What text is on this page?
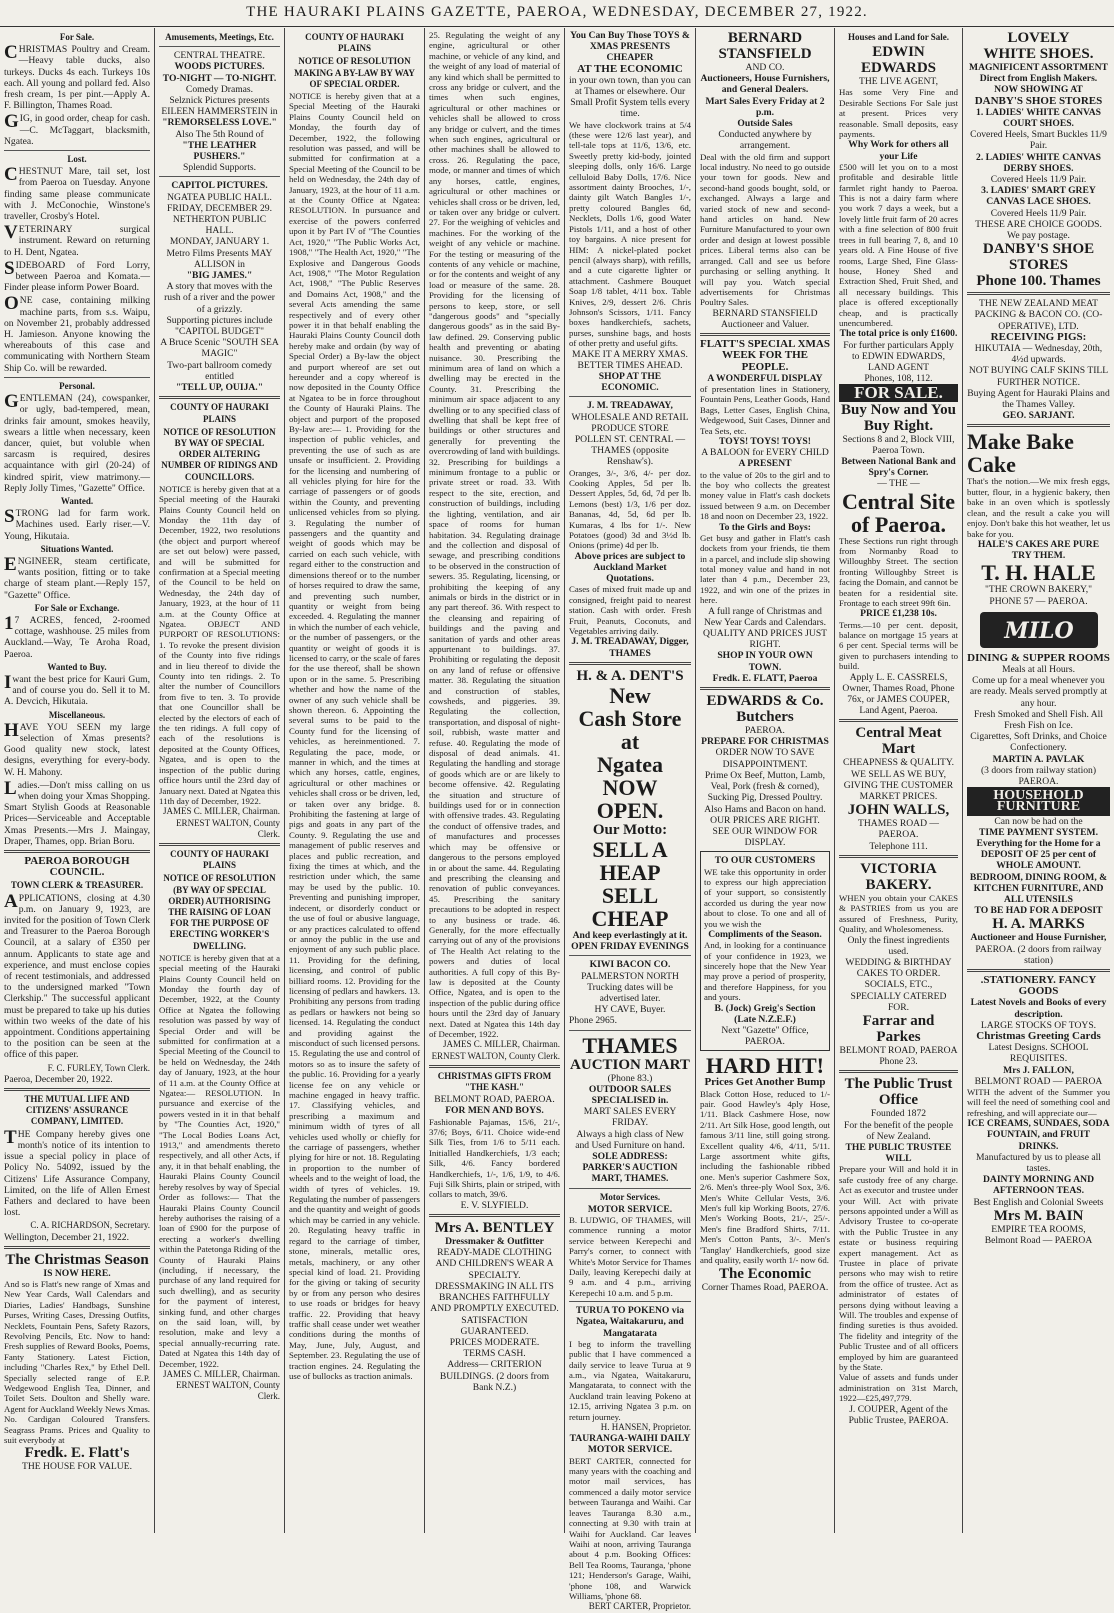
THE HAURAKI PLAINS GAZETTE, PAEROA, WEDNESDAY, DECEMBER 27, 1922.
For Sale.
CHRISTMAS Poultry and Cream.—Heavy table ducks, also turkeys. Ducks 4s each. Turkeys 10s each. All young and pollard fed. Also fresh cream, 1s per pint.—Apply A. F. Billington, Thames Road.
GIG, in good order, cheap for cash.—C. McTaggart, blacksmith, Ngatea.
Lost.
CHESTNUT Mare, tail set, lost from Paeroa on Tuesday. Anyone finding same please communicate with J. McConochie, Winstone's traveller, Crosby's Hotel.
VETERINARY surgical instrument. Reward on returning to H. Dent, Ngatea.
SIDEBOARD of Ford Lorry, between Paeroa and Komata.—Finder please inform Power Board.
ONE case, containing milking machine parts, from s.s. Waipu, on November 21, probably addressed H. Jamieson. Anyone knowing the whereabouts of this case and communicating with Northern Steam Ship Co. will be rewarded.
Personal.
GENTLEMAN (24), cowspanker, or ugly, bad-tempered, mean, drinks fair amount, smokes heavily, swears a little when necessary, keen dancer, quiet, but voluble when sarcasm is required, desires acquaintance with girl (20-24) of kindred spirit, view matrimony.—Reply Jolly Times, "Gazette" Office.
Wanted.
STRONG lad for farm work. Machines used. Early riser.—V. Young, Hikutaia.
Situations Wanted.
ENGINEER, steam certificate, wants position, fitting or to take charge of steam plant.—Reply 157, "Gazette" Office.
For Sale or Exchange.
17 ACRES, fenced, 2-roomed cottage, washhouse. 25 miles from Auckland.—Way, Te Aroha Road, Paeroa.
Wanted to Buy.
Iwant the best price for Kauri Gum, and of course you do. Sell it to M. A. Devcich, Hikutaia.
Miscellaneous.
HAVE YOU SEEN my large selection of Xmas presents? Good quality new stock, latest designs, everything for every-body. W. H. Mahony.
Ladies.—Don't miss calling on us when doing your Xmas Shopping. Smart Stylish Goods at Reasonable Prices—Serviceable and Acceptable Xmas Presents.—Mrs J. Maingay, Draper, Thames, opp. Brian Boru.
PAEROA BOROUGH COUNCIL.
TOWN CLERK & TREASURER.
APPLICATIONS, closing at 4.30 p.m. on January 9, 1923, are invited for the position of Town Clerk and Treasurer to the Paeroa Borough Council, at a salary of £350 per annum. Applicants to state age and experience, and must enclose copies of recent testimonials, and addressed to the undersigned marked "Town Clerkship." The successful applicant must be prepared to take up his duties within two weeks of the date of his appointment. Conditions appertaining to the position can be seen at the office of this paper.
F. C. FURLEY, Town Clerk.
Paeroa, December 20, 1922.
THE MUTUAL LIFE AND CITIZENS' ASSURANCE COMPANY, LIMITED.
THE Company hereby gives one month's notice of its intention to issue a special policy in place of Policy No. 54092, issued by the Citizens' Life Assurance Company, Limited, on the life of Allen Ernest Fathers and declared to have been lost.
C. A. RICHARDSON, Secretary.
Wellington, December 21, 1922.
The Christmas Season
IS NOW HERE.
And so is Flatt's new range of Xmas and New Year Cards, Wall Calendars and Diaries, Ladies' Handbags, Sunshine Purses, Writing Cases, Dressing Outfits, Necklets, Fountain Pens, Safety Razors, Revolving Pencils, Etc. Now to hand: Fresh supplies of Reward Books, Poems, Fanty Stationery. Latest Fiction, including "Charles Rex," by Ethel Dell. Specially selected range of E.P. Wedgewood English Tea, Dinner, and Toilet Sets. Doulton and Shelly ware. Agent for Auckland Weekly News Xmas. No. Cardigan Coloured Transfers. Seagrass Prams. Prices and Quality to suit everybody at
Fredk. E. Flatt's
THE HOUSE FOR VALUE.
Amusements, Meetings, Etc.
CENTRAL THEATRE.
WOODS PICTURES.
TO-NIGHT — TO-NIGHT.
Comedy Dramas.
Selznick Pictures presents EILEEN HAMMERSTEIN in
"REMORSELESS LOVE."
Also The 5th Round of
"THE LEATHER PUSHERS."
Splendid Supports.
CAPITOL PICTURES.
NGATEA PUBLIC HALL.
FRIDAY, DECEMBER 29.
NETHERTON PUBLIC HALL.
MONDAY, JANUARY 1.
Metro Films Presents MAY ALLISON in
"BIG JAMES."
A story that moves with the rush of a river and the power of a grizzly.
Supporting pictures include "CAPITOL BUDGET"
A Bruce Scenic "SOUTH SEA MAGIC"
Two-part ballroom comedy entitled
"TELL UP, OUIJA."
COUNTY OF HAURAKI PLAINS
NOTICE OF RESOLUTION BY WAY OF SPECIAL ORDER ALTERING NUMBER OF RIDINGS AND COUNCILLORS.
NOTICE is hereby given that at a Special meeting of the Hauraki Plains County Council held on Monday the 11th day of December, 1922, two resolutions (the object and purport whereof are set out below) were passed, and will be submitted for confirmation at a Special meeting of the Council to be held on Wednesday, the 24th day of January, 1923, at the hour of 11 a.m. at the County Office at Ngatea. OBJECT AND PURPORT OF RESOLUTIONS: 1. To revoke the present division of the County into five ridings and in lieu thereof to divide the County into ten ridings. 2. To alter the number of Councillors from five to ten. 3. To provide that one Councillor shall be elected by the electors of each of the ten ridings. A full copy of each of the resolutions is deposited at the County Offices, Ngatea, and is open to the inspection of the public during office hours until the 23rd day of January next. Dated at Ngatea this 11th day of December, 1922.
JAMES C. MILLER, Chairman. ERNEST WALTON, County Clerk.
COUNTY OF HAURAKI PLAINS
NOTICE OF RESOLUTION (BY WAY OF SPECIAL ORDER) AUTHORISING THE RAISING OF LOAN FOR THE PURPOSE OF ERECTING WORKER'S DWELLING.
NOTICE is hereby given that at a special meeting of the Hauraki Plains County Council held on Monday the fourth day of December, 1922, at the County Office at Ngatea the following resolution was passed by way of Special Order and will be submitted for confirmation at a Special Meeting of the Council to be held on Wednesday, the 24th day of January, 1923, at the hour of 11 a.m. at the County Office at Ngatea:— RESOLUTION. In pursuance and exercise of the powers vested in it in that behalf by "The Counties Act, 1920," "The Local Bodies Loans Act, 1913," and amendments thereto respectively, and all other Acts, if any, it in that behalf enabling, the Hauraki Plains County Council hereby resolves by way of Special Order as follows:— That the Hauraki Plains County Council hereby authorises the raising of a loan of £900 for the purpose of erecting a worker's dwelling within the Patetonga Riding of the County of Hauraki Plains (including, if necessary, the purchase of any land required for such dwelling), and as security for the payment of interest, sinking fund, and other charges on the said loan, will, by resolution, make and levy a special annually-recurring rate. Dated at Ngatea this 14th day of December, 1922.
JAMES C. MILLER, Chairman. ERNEST WALTON, County Clerk.
COUNTY OF HAURAKI PLAINS
NOTICE OF RESOLUTION MAKING A BY-LAW BY WAY OF SPECIAL ORDER.
NOTICE is hereby given that at a Special Meeting of the Hauraki Plains County Council held on Monday, the fourth day of December, 1922, the following resolution was passed, and will be submitted for confirmation at a Special Meeting of the Council to be held on Wednesday, the 24th day of January, 1923, at the hour of 11 a.m. at the County Office at Ngatea: RESOLUTION. In pursuance and exercise of the powers conferred upon it by Part IV of "The Counties Act, 1920," "The Public Works Act, 1908," "The Health Act, 1920," "The Explosive and Dangerous Goods Act, 1908," "The Motor Regulation Act, 1908," "The Public Reserves and Domains Act, 1908," and the several Acts amending the same respectively and of every other power it in that behalf enabling the Hauraki Plains County Council doth hereby make and ordain (by way of Special Order) a By-law the object and purport whereof are set out hereunder and a copy whereof is now deposited in the County Office at Ngatea to be in force throughout the County of Hauraki Plains. The object and purport of the proposed By-law are:— 1. Providing for the inspection of public vehicles, and preventing the use of such as are unsafe or insufficient. 2. Providing for the licensing and numbering of all vehicles plying for hire for the carriage of passengers or of goods within the County, and preventing unlicensed vehicles from so plying. 3. Regulating the number of passengers and the quantity and weight of goods which may be carried on each such vehicle, with regard either to the construction and dimensions thereof or to the number of horses required to draw the same, and preventing such number, quantity or weight from being exceeded. 4. Regulating the manner in which the number of each vehicle, or the number of passengers, or the quantity or weight of goods it is licensed to carry, or the scale of fares for the use thereof, shall be shown upon or in the same. 5. Prescribing whether and how the name of the owner of any such vehicle shall be shown thereon. 6. Appointing the several sums to be paid to the County fund for the licensing of vehicles, as hereinmentioned. 7. Regulating the pace, mode, or manner in which, and the times at which any horses, cattle, engines, agricultural or other machines or vehicles shall cross or be driven, led, or taken over any bridge. 8. Prohibiting the fastening at large of pigs and goats in any part of the County. 9. Regulating the use and management of public reserves and places and public recreation, and fixing the times at which, and the restriction under which, the same may be used by the public. 10. Preventing and punishing improper, indecent, or disorderly conduct or the use of foul or abusive language, or any practices calculated to offend or annoy the public in the use and enjoyment of any such public place. 11. Providing for the defining, licensing, and control of public billiard rooms. 12. Providing for the licensing of pedlars and hawkers. 13. Prohibiting any persons from trading as pedlars or hawkers not being so licensed. 14. Regulating the conduct and providing against the misconduct of such licensed persons. 15. Regulating the use and control of motors so as to insure the safety of the public. 16. Providing for a yearly license fee on any vehicle or machine engaged in heavy traffic. 17. Classifying vehicles, and prescribing a maximum and minimum width of tyres of all vehicles used wholly or chiefly for the carriage of passengers, whether plying for hire or not. 18. Regulating in proportion to the number of wheels and to the weight of load, the width of tyres of vehicles. 19. Regulating the number of passengers and the quantity and weight of goods which may be carried in any vehicle. 20. Regulating heavy traffic in regard to the carriage of timber, stone, minerals, metallic ores, metals, machinery, or any other special kind of load. 21. Providing for the giving or taking of security by or from any person who desires to use roads or bridges for heavy traffic. 22. Providing that heavy traffic shall cease under wet weather conditions during the months of May, June, July, August, and September. 23. Regulating the use of traction engines. 24. Regulating the use of bullocks as traction animals.
25. Regulating the weight of any engine, agricultural or other machine, or vehicle of any kind, and the weight of any load of material of any kind which shall be permitted to cross any bridge or culvert, and the times when such engines, agricultural or other machines or vehicles shall be allowed to cross any bridge or culvert, and the times when such engines, agricultural or other machines shall be allowed to cross. 26. Regulating the pace, mode, or manner and times of which any horses, cattle, engines, agricultural or other machines or vehicles shall cross or be driven, led, or taken over any bridge or culvert. 27. For the weighing of vehicles and machines. For the working of the weight of any vehicle or machine. For the testing or measuring of the contents of any vehicle or machine, or for the contents and weight of any load or measure of the same. 28. Providing for the licensing of persons to keep, store, or sell "dangerous goods" and "specially dangerous goods" as in the said By-law defined. 29. Conserving public health and preventing or abating nuisance. 30. Prescribing the minimum area of land on which a dwelling may be erected in the County. 31. Prescribing the minimum air space adjacent to any dwelling or to any specified class of dwelling that shall be kept free of buildings or other structures and generally for preventing the overcrowding of land with buildings. 32. Prescribing for buildings a minimum frontage to a public or private street or road. 33. With respect to the site, erection, and construction of buildings, including the lighting, ventilation, and air space of rooms for human habitation. 34. Regulating drainage and the collection and disposal of sewage, and prescribing conditions to be observed in the construction of sewers. 35. Regulating, licensing, or prohibiting the keeping of any animals or birds in the district or in any part thereof. 36. With respect to the cleansing and repairing of buildings and the paving and sanitation of yards and other areas appurtenant to buildings. 37. Prohibiting or regulating the deposit on any land of refuse or offensive matter. 38. Regulating the situation and construction of stables, cowsheds, and piggeries. 39. Regulating the collection, transportation, and disposal of night-soil, rubbish, waste matter and refuse. 40. Regulating the mode of disposal of dead animals. 41. Regulating the handling and storage of goods which are or are likely to become offensive. 42. Regulating the situation and structure of buildings used for or in connection with offensive trades. 43. Regulating the conduct of offensive trades, and of manufactures and processes which may be offensive or dangerous to the persons employed in or about the same. 44. Regulating and prescribing the cleansing and renovation of public conveyances. 45. Prescribing the sanitary precautions to be adopted in respect to any business or trade. 46. Generally, for the more effectually carrying out of any of the provisions of The Health Act relating to the powers and duties of local authorities. A full copy of this By-law is deposited at the County Office, Ngatea, and is open to the inspection of the public during office hours until the 23rd day of January next. Dated at Ngatea this 14th day of December, 1922.
JAMES C. MILLER, Chairman. ERNEST WALTON, County Clerk.
CHRISTMAS GIFTS FROM "THE KASH."
BELMONT ROAD, PAEROA.
FOR MEN AND BOYS.
Fashionable Pajamas, 15/6, 21/-, 37/6; Boys, 6/11. Choice wide-end Silk Ties, from 1/6 to 5/11 each. Initialled Handkerchiefs, 1/3 each; Silk, 4/6. Fancy bordered Handkerchiefs, 1/-, 1/6, 1/9, to 4/6. Fuji Silk Shirts, plain or striped, with collars to match, 39/6.
E. V. SLYFIELD.
Mrs A. BENTLEY
Dressmaker & Outfitter
READY-MADE CLOTHING AND CHILDREN'S WEAR A SPECIALTY.
DRESSMAKING IN ALL ITS BRANCHES FAITHFULLY AND PROMPTLY EXECUTED.
SATISFACTION GUARANTEED.
PRICES MODERATE.
TERMS CASH.
Address— CRITERION BUILDINGS. (2 doors from Bank N.Z.)
You Can Buy Those TOYS & XMAS PRESENTS CHEAPER
AT THE ECONOMIC
in your own town, than you can at Thames or elsewhere. Our Small Profit System tells every time.
We have clockwork trains at 5/4 (these were 12/6 last year), and tell-tale tops at 11/6, 13/6, etc. Sweetly pretty kid-body, jointed sleeping dolls, only 16/6. Large celluloid Baby Dolls, 17/6. Nice assortment dainty Brooches, 1/-, dainty gilt Watch Bangles 1/-, pretty coloured Bangles 6d, Necklets, Dolls 1/6, good Water Pistols 1/11, and a host of other toy bargains. A nice present for HIM: A nickel-plated pocket pencil (always sharp), with refills, and a cute cigarette lighter or attachment. Cashmere Bouquet Soap 1/8 tablet, 4/11 box. Table Knives, 2/9, dessert 2/6. Chris Johnson's Scissors, 1/11. Fancy boxes handkerchiefs, sachets, purses, sunshine bags, and hosts of other pretty and useful gifts.
MAKE IT A MERRY XMAS. BETTER TIMES AHEAD.
SHOP AT THE ECONOMIC.
J. M. TREADAWAY,
WHOLESALE AND RETAIL PRODUCE STORE
POLLEN ST. CENTRAL — THAMES (opposite Renshaw's).
Oranges, 3/-, 3/6, 4/- per doz. Cooking Apples, 5d per lb. Dessert Apples, 5d, 6d, 7d per lb. Lemons (best) 1/3, 1/6 per doz. Bananas, 4d, 5d, 6d per lb. Kumaras, 4 lbs for 1/-. New Potatoes (good) 3d and 3½d lb. Onions (prime) 4d per lb.
Above prices are subject to Auckland Market Quotations.
Cases of mixed fruit made up and consigned, freight paid to nearest station. Cash with order. Fresh Fruit, Peanuts, Coconuts, and Vegetables arriving daily.
J. M. TREADAWAY, Digger, THAMES
H. & A. DENT'S
New
Cash Store at
Ngatea
NOW OPEN.
Our Motto:
SELL A HEAP
SELL CHEAP
And keep everlastingly at it.
OPEN FRIDAY EVENINGS
KIWI BACON CO.
PALMERSTON NORTH
Trucking dates will be advertised later.
HY CAVE, Buyer.
Phone 2965.
THAMES
AUCTION MART
(Phone 83.)
OUTDOOR SALES SPECIALISED in.
MART SALES EVERY FRIDAY.
Always a high class of New and Used Furniture on hand.
SOLE ADDRESS: PARKER'S AUCTION MART, THAMES.
Motor Services.
MOTOR SERVICE.
B. LUDWIG, OF THAMES, will commence running a motor service between Kerepechi and Parry's corner, to connect with White's Motor Service for Thames Daily, leaving Kerepechi daily at 9 a.m. and 4 p.m., arriving Kerepechi 10 a.m. and 5 p.m.
TURUA TO POKENO via Ngatea, Waitakaruru, and Mangatarata
I beg to inform the travelling public that I have commenced a daily service to leave Turua at 9 a.m., via Ngatea, Waitakaruru, Mangatarata, to connect with the Auckland train leaving Pokeno at 12.15, arriving Ngatea 3 p.m. on return journey.
H. HANSEN, Proprietor.
TAURANGA-WAIHI DAILY MOTOR SERVICE.
BERT CARTER, connected for many years with the coaching and motor mail services, has commenced a daily motor service between Tauranga and Waihi. Car leaves Tauranga 8.30 a.m., connecting at 9.30 with train at Waihi for Auckland. Car leaves Waihi at noon, arriving Tauranga about 4 p.m. Booking Offices: Bell Tea Rooms, Tauranga, 'phone 121; Henderson's Garage, Waihi, 'phone 108, and Warwick Williams, 'phone 68.
BERT CARTER, Proprietor.
BERNARD STANSFIELD
AND CO.
Auctioneers, House Furnishers, and General Dealers.
Mart Sales Every Friday at 2 p.m.
Outside Sales
Conducted anywhere by arrangement.
Deal with the old firm and support local industry. No need to go outside your town for goods. New and second-hand goods bought, sold, or exchanged. Always a large and varied stock of new and second-hand articles on hand. New Furniture Manufactured to your own order and design at lowest possible prices. Liberal terms also can be arranged. Call and see us before purchasing or selling anything. It will pay you. Watch special advertisements for Christmas Poultry Sales.
BERNARD STANSFIELD Auctioneer and Valuer.
FLATT'S SPECIAL XMAS WEEK FOR THE PEOPLE.
A WONDERFUL DISPLAY
of presentation lines in Stationery, Fountain Pens, Leather Goods, Hand Bags, Letter Cases, English China, Wedgewood, Suit Cases, Dinner and Tea Sets, etc.
TOYS! TOYS! TOYS!
A BALOON for EVERY CHILD
A PRESENT
to the value of 20s to the girl and to the boy who collects the greatest money value in Flatt's cash dockets issued between 9 a.m. on December 18 and noon on December 23, 1922.
To the Girls and Boys:
Get busy and gather in Flatt's cash dockets from your friends, tie them in a parcel, and include slip showing total money value and hand in not later than 4 p.m., December 23, 1922, and win one of the prizes in here.
A full range of Christmas and New Year Cards and Calendars.
QUALITY AND PRICES JUST RIGHT.
SHOP IN YOUR OWN TOWN.
Fredk. E. FLATT, Paeroa
EDWARDS & Co.
Butchers
PAEROA.
PREPARE FOR CHRISTMAS
ORDER NOW TO SAVE DISAPPOINTMENT.
Prime Ox Beef, Mutton, Lamb, Veal, Pork (fresh & corned), Sucking Pig, Dressed Poultry.
Also Hams and Bacon on hand.
OUR PRICES ARE RIGHT.
SEE OUR WINDOW FOR DISPLAY.
TO OUR CUSTOMERS
WE take this opportunity in order to express our high appreciation of your support, so consistently accorded us during the year now about to close. To one and all of you we wish the
Compliments of the Season.
And, in looking for a continuance of your confidence in 1923, we sincerely hope that the New Year may prove a period of prosperity, and therefore Happiness, for you and yours.
B. (Jock) Greig's Section (Late N.Z.E.F.)
Next "Gazette" Office, PAEROA.
HARD HIT!
Prices Get Another Bump
Black Cotton Hose, reduced to 1/- pair. Good Hawley's 4ply Hose, 1/11. Black Cashmere Hose, now 2/11. Art Silk Hose, good length, out famous 3/11 line, still going strong. Excellent quality 4/6, 4/11, 5/11. Large assortment white gifts, including the fashionable ribbed one. Men's superior Cashmere Sox, 2/6. Men's three-ply Wool Sox, 3/6. Men's White Cellular Vests, 3/6. Men's full kip Working Boots, 27/6. Men's Working Boots, 21/-, 25/-. Men's fine Bradford Shirts, 7/11. Men's Cotton Pants, 3/-. Men's 'Tanglay' Handkerchiefs, good size and quality, easily worth 1/- now 6d.
The Economic
Corner Thames Road, PAEROA.
Houses and Land for Sale.
EDWIN EDWARDS
THE LIVE AGENT,
Has some Very Fine and Desirable Sections For Sale just at present. Prices very reasonable. Small deposits, easy payments.
Why Work for others all your Life
£500 will let you on to a most profitable and desirable little farmlet right handy to Paeroa. This is not a dairy farm where you work 7 days a week, but a lovely little fruit farm of 20 acres with a fine selection of 800 fruit trees in full bearing 7, 8, and 10 years old. A Fine House of five rooms, Large Shed, Fine Glass-house, Honey Shed and Extraction Shed, Fruit Shed, and all necessary buildings. This place is offered exceptionally cheap, and is practically unencumbered.
The total price is only £1600.
For further particulars Apply to EDWIN EDWARDS, LAND AGENT
Phones, 108, 112.
FOR SALE.
Buy Now and You Buy Right.
Sections 8 and 2, Block VIII, Paeroa Town.
Between National Bank and Spry's Corner.
— THE —
Central Site of Paeroa.
These Sections run right through from Normanby Road to Willoughby Street. The section fronting Willoughby Street is facing the Domain, and cannot be beaten for a residential site. Frontage to each street 99ft 6in.
PRICE £1,238 10s.
Terms.—10 per cent. deposit, balance on mortgage 15 years at 6 per cent. Special terms will be given to purchasers intending to build.
Apply L. E. CASSRELS, Owner, Thames Road, Phone 76x, or JAMES COUPER, Land Agent, Paeroa.
Central Meat Mart
CHEAPNESS & QUALITY. WE SELL AS WE BUY, GIVING THE CUSTOMER MARKET PRICES.
JOHN WALLS,
THAMES ROAD — PAEROA.
Telephone 111.
VICTORIA BAKERY.
WHEN you obtain your CAKES & PASTRIES from us you are assured of Freshness, Purity, Quality, and Wholesomeness.
Only the finest ingredients used.
WEDDING & BIRTHDAY CAKES TO ORDER.
SOCIALS, ETC., SPECIALLY CATERED FOR.
Farrar and Parkes
BELMONT ROAD, PAEROA
Phone 23.
The Public Trust Office
Founded 1872
For the benefit of the people of New Zealand.
THE PUBLIC TRUSTEE WILL
Prepare your Will and hold it in safe custody free of any charge. Act as executor and trustee under your Will. Act with private persons appointed under a Will as Advisory Trustee to co-operate with the Public Trustee in any estate or business requiring expert management. Act as Trustee in place of private persons who may wish to retire from the office of trustee. Act as administrator of estates of persons dying without leaving a Will. The troubles and expense of finding sureties is thus avoided. The fidelity and integrity of the Public Trustee and of all officers employed by him are guaranteed by the State.
Value of assets and funds under administration on 31st March, 1922—£25,497,779.
J. COUPER, Agent of the Public Trustee, PAEROA.
LOVELY
WHITE SHOES.
MAGNIFICENT ASSORTMENT Direct from English Makers. NOW SHOWING AT
DANBY'S SHOE STORES
1. LADIES' WHITE CANVAS COURT SHOES.
Covered Heels, Smart Buckles 11/9 Pair.
2. LADIES' WHITE CANVAS DERBY SHOES.
Covered Heels 11/9 Pair.
3. LADIES' SMART GREY CANVAS LACE SHOES.
Covered Heels 11/9 Pair.
THESE ARE CHOICE GOODS.
We pay postage.
DANBY'S SHOE STORES
Phone 100. Thames
THE NEW ZEALAND MEAT PACKING & BACON CO. (CO-OPERATIVE), LTD.
RECEIVING PIGS:
HIKUTAIA — Wednesday, 20th, 4½d upwards.
NOT BUYING CALF SKINS TILL FURTHER NOTICE.
Buying Agent for Hauraki Plains and the Thames Valley.
GEO. SARJANT.
Make Bake Cake
That's the notion.—We mix fresh eggs, butter, flour, in a hygienic bakery, then bake in an oven which is spotlessly clean, and the result a cake you will enjoy. Don't bake this hot weather, let us bake for you.
HALE'S CAKES ARE PURE TRY THEM.
T. H. HALE
"THE CROWN BAKERY,"
PHONE 57 — PAEROA.
MILO
DINING & SUPPER ROOMS
Meals at all Hours.
Come up for a meal whenever you are ready. Meals served promptly at any hour.
Fresh Smoked and Shell Fish. All Fresh Fish on Ice.
Cigarettes, Soft Drinks, and Choice Confectionery.
MARTIN A. PAVLAK
(3 doors from railway station) PAEROA.
HOUSEHOLD FURNITURE
Can now be had on the
TIME PAYMENT SYSTEM.
Everything for the Home for a DEPOSIT OF 25 per cent of WHOLE AMOUNT.
BEDROOM, DINING ROOM, & KITCHEN FURNITURE, AND ALL UTENSILS
TO BE HAD FOR A DEPOSIT
H. A. MARKS
Auctioneer and House Furnisher,
PAEROA. (2 doors from railway station)
.STATIONERY. FANCY GOODS
Latest Novels and Books of every description.
LARGE STOCKS OF TOYS.
Christmas Greeting Cards
Latest Designs. SCHOOL REQUISITES.
Mrs J. FALLON,
BELMONT ROAD — PAEROA
WITH the advent of the Summer you will feel the need of something cool and refreshing, and will appreciate our—
ICE CREAMS, SUNDAES, SODA FOUNTAIN, and FRUIT DRINKS.
Manufactured by us to please all tastes.
DAINTY MORNING AND AFTERNOON TEAS.
Best English and Colonial Sweets
Mrs M. BAIN
EMPIRE TEA ROOMS,
Belmont Road — PAEROA
